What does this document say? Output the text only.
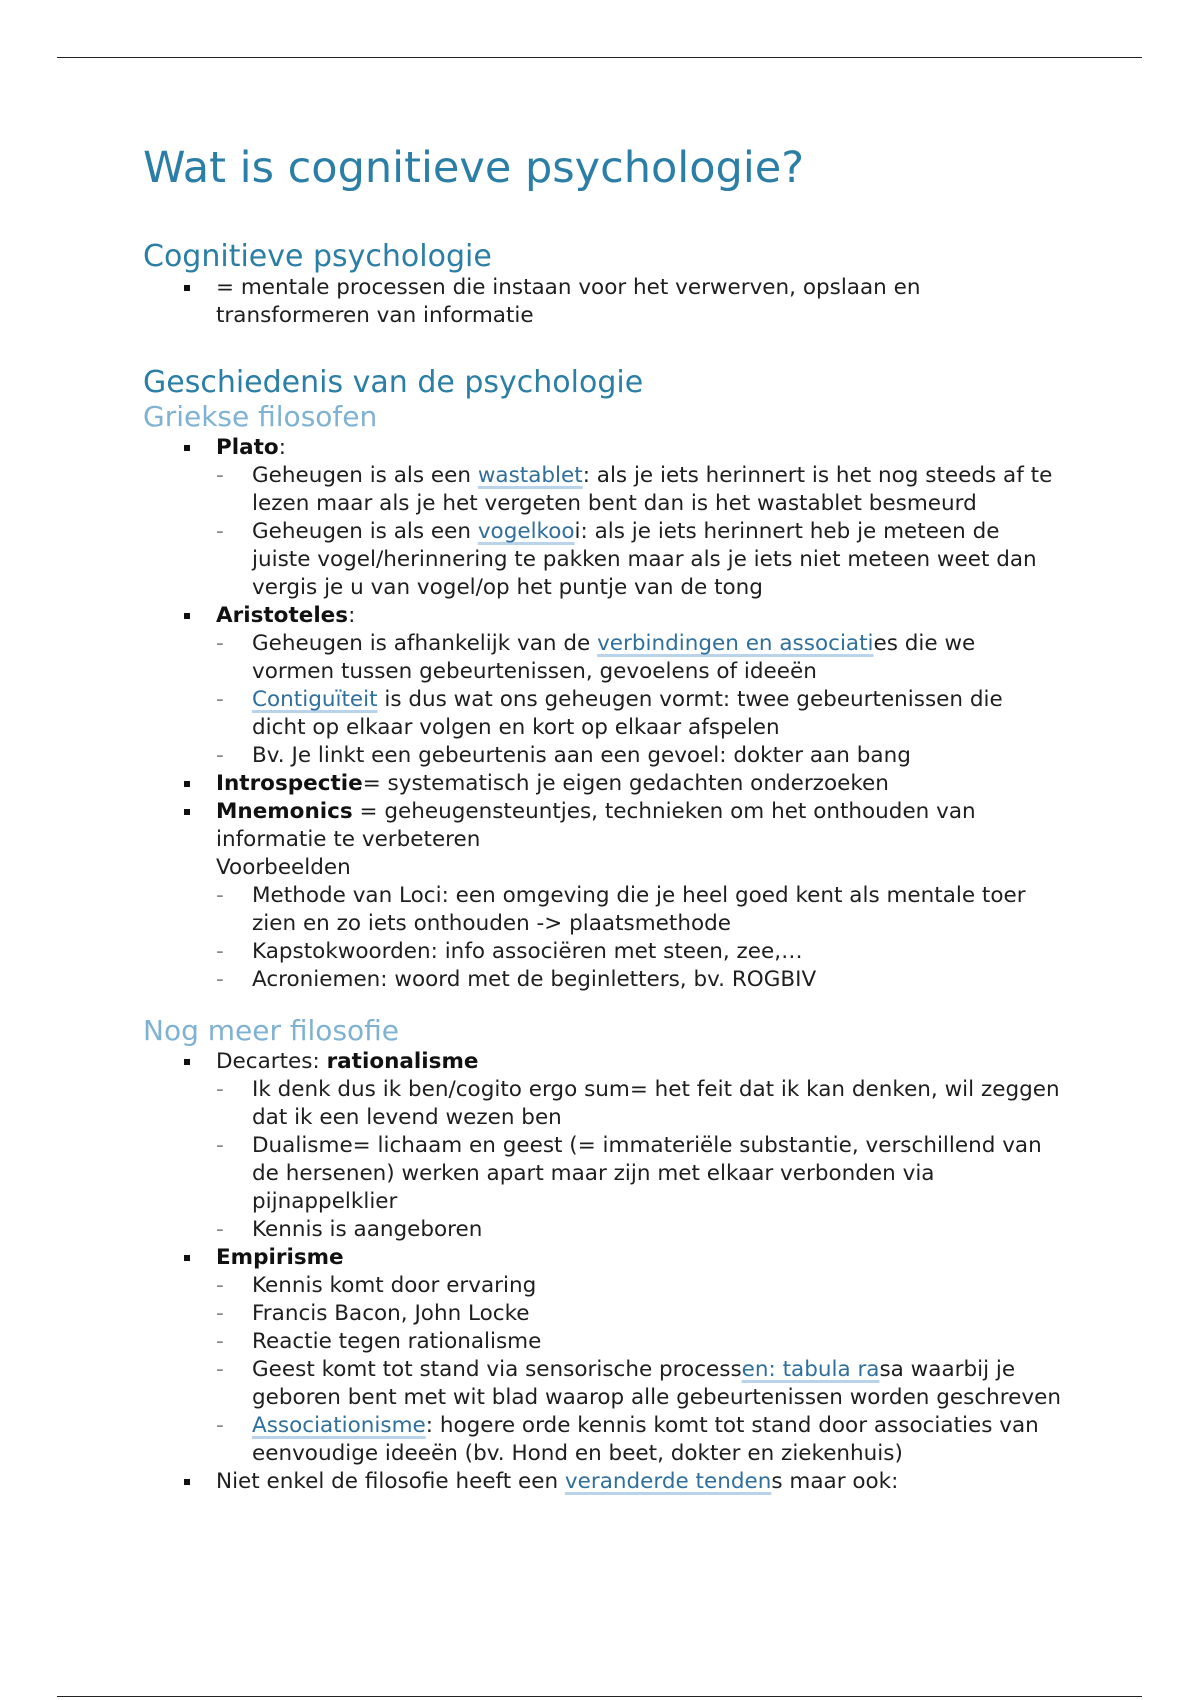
Wat is cognitieve psychologie?
Cognitieve psychologie
= mentale processen die instaan voor het verwerven, opslaan en transformeren van informatie
Geschiedenis van de psychologie
Griekse filosofen
Plato:
- Geheugen is als een wastablet: als je iets herinnert is het nog steeds af te lezen maar als je het vergeten bent dan is het wastablet besmeurd
- Geheugen is als een vogelkooi: als je iets herinnert heb je meteen de juiste vogel/herinnering te pakken maar als je iets niet meteen weet dan vergis je u van vogel/op het puntje van de tong
Aristoteles:
- Geheugen is afhankelijk van de verbindingen en associaties die we vormen tussen gebeurtenissen, gevoelens of ideeën
- Contiguïteit is dus wat ons geheugen vormt: twee gebeurtenissen die dicht op elkaar volgen en kort op elkaar afspelen
- Bv. Je linkt een gebeurtenis aan een gevoel: dokter aan bang
Introspectie= systematisch je eigen gedachten onderzoeken
Mnemonics = geheugensteuntjes, technieken om het onthouden van informatie te verbeteren
Voorbeelden
- Methode van Loci: een omgeving die je heel goed kent als mentale toer zien en zo iets onthouden -> plaatsmethode
- Kapstokwoorden: info associëren met steen, zee,…
- Acroniemen: woord met de beginletters, bv. ROGBIV
Nog meer filosofie
Decartes: rationalisme
- Ik denk dus ik ben/cogito ergo sum= het feit dat ik kan denken, wil zeggen dat ik een levend wezen ben
- Dualisme= lichaam en geest (= immateriële substantie, verschillend van de hersenen) werken apart maar zijn met elkaar verbonden via pijnappelklier
- Kennis is aangeboren
Empirisme
- Kennis komt door ervaring
- Francis Bacon, John Locke
- Reactie tegen rationalisme
- Geest komt tot stand via sensorische processen: tabula rasa waarbij je geboren bent met wit blad waarop alle gebeurtenissen worden geschreven
- Associationisme: hogere orde kennis komt tot stand door associaties van eenvoudige ideeën (bv. Hond en beet, dokter en ziekenhuis)
Niet enkel de filosofie heeft een veranderde tendens maar ook:
